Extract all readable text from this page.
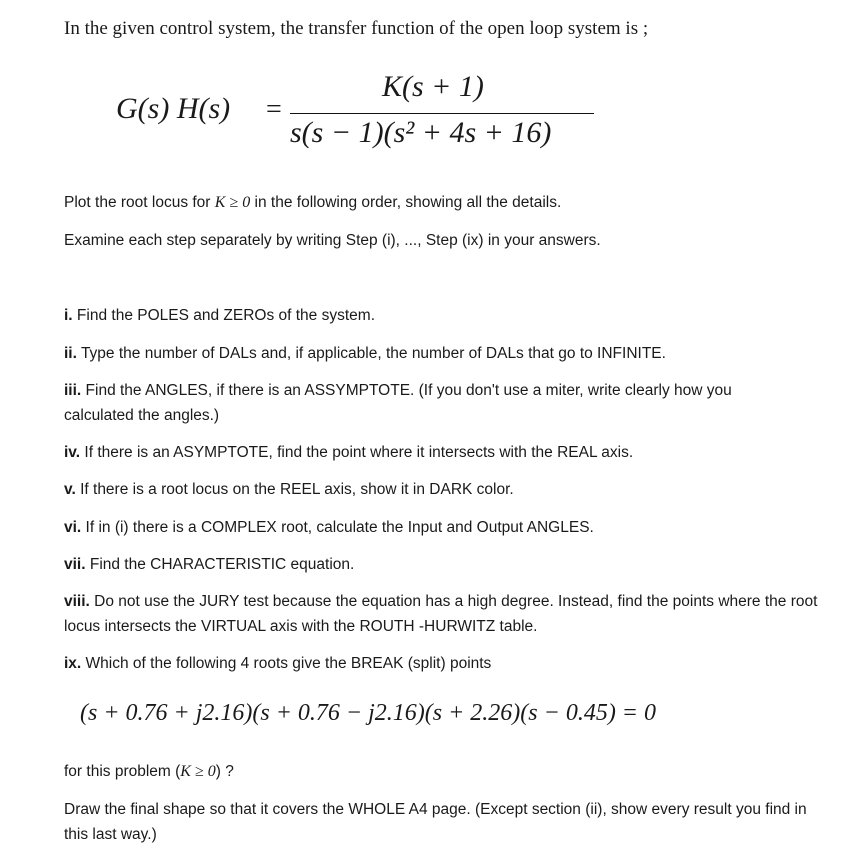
In the given control system, the transfer function of the open loop system is ;
G(s) H(s) =
K(s + 1)
s(s − 1)(s² + 4s + 16)
Plot the root locus for K ≥ 0 in the following order, showing all the details.
Examine each step separately by writing Step (i), ..., Step (ix) in your answers.
i. Find the POLES and ZEROs of the system.
ii. Type the number of DALs and, if applicable, the number of DALs that go to INFINITE.
iii. Find the ANGLES, if there is an ASSYMPTOTE. (If you don't use a miter, write clearly how you calculated the angles.)
iv. If there is an ASYMPTOTE, find the point where it intersects with the REAL axis.
v. If there is a root locus on the REEL axis, show it in DARK color.
vi. If in (i) there is a COMPLEX root, calculate the Input and Output ANGLES.
vii. Find the CHARACTERISTIC equation.
viii. Do not use the JURY test because the equation has a high degree. Instead, find the points where the root locus intersects the VIRTUAL axis with the ROUTH -HURWITZ table.
ix. Which of the following 4 roots give the BREAK (split) points
(s + 0.76 + j2.16)(s + 0.76 − j2.16)(s + 2.26)(s − 0.45) = 0
for this problem (K ≥ 0) ?
Draw the final shape so that it covers the WHOLE A4 page. (Except section (ii), show every result you find in this last way.)
